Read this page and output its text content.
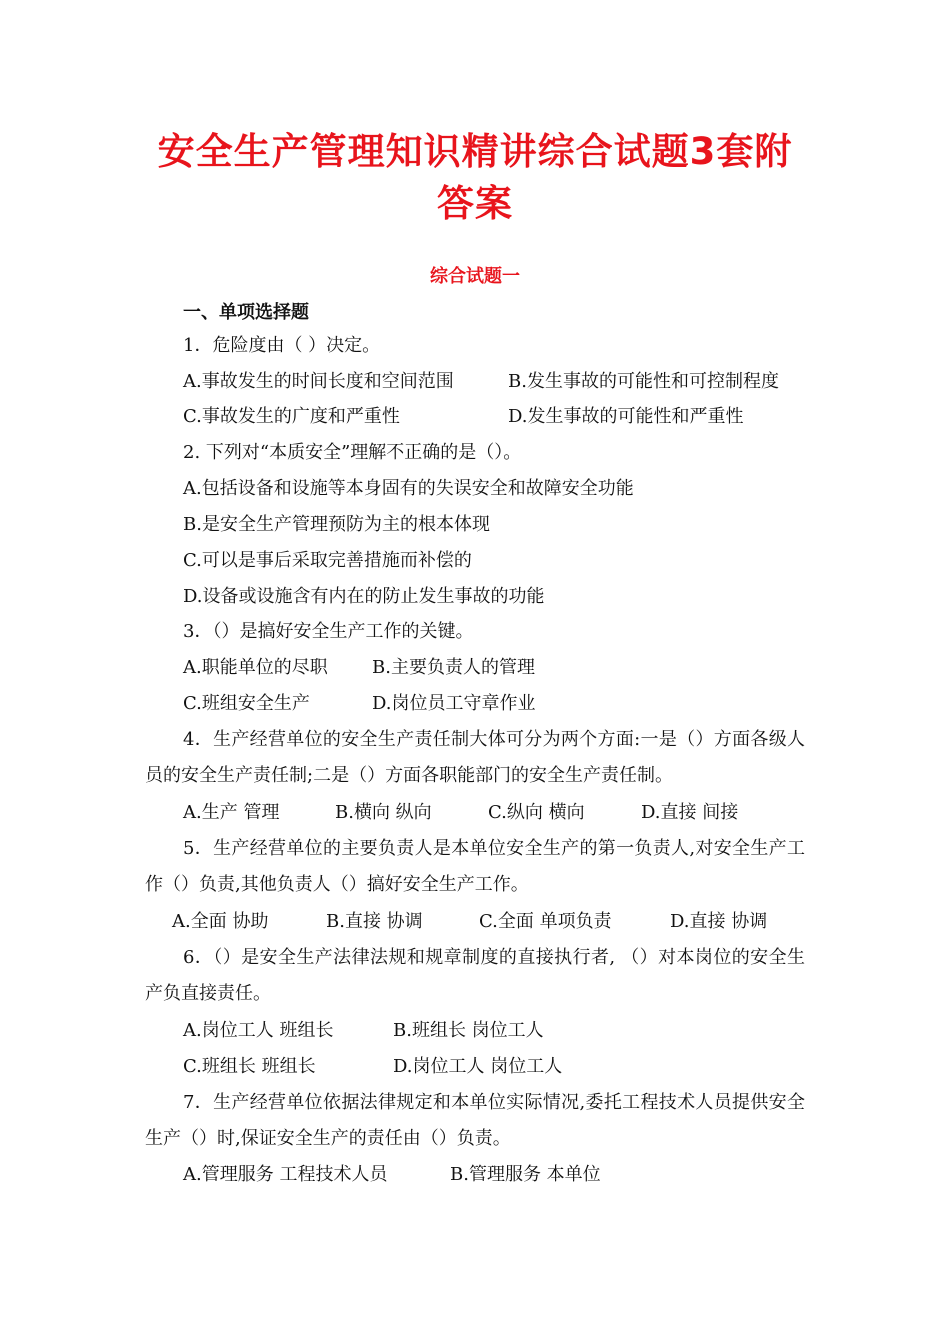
安全生产管理知识精讲综合试题3套附答案
综合试题一
一、单项选择题
1．危险度由（ ）决定。
A.事故发生的时间长度和空间范围	B.发生事故的可能性和可控制程度
C.事故发生的广度和严重性	D.发生事故的可能性和严重性
2. 下列对“本质安全”理解不正确的是（）。
A.包括设备和设施等本身固有的失误安全和故障安全功能
B.是安全生产管理预防为主的根本体现
C.可以是事后采取完善措施而补偿的
D.设备或设施含有内在的防止发生事故的功能
3．（）是搞好安全生产工作的关键。
A.职能单位的尽职 B.主要负责人的管理
C.班组安全生产	D.岗位员工守章作业
4．生产经营单位的安全生产责任制大体可分为两个方面:一是（）方面各级人员的安全生产责任制;二是（）方面各职能部门的安全生产责任制。
A.生产 管理	B.横向 纵向	C.纵向 横向	D.直接 间接
5．生产经营单位的主要负责人是本单位安全生产的第一负责人,对安全生产工作（）负责,其他负责人（）搞好安全生产工作。
A.全面 协助	B.直接 协调	C.全面 单项负责	D.直接 协调
6．（）是安全生产法律法规和规章制度的直接执行者, （）对本岗位的安全生产负直接责任。
A.岗位工人 班组长	B.班组长 岗位工人
C.班组长 班组长	D.岗位工人 岗位工人
7．生产经营单位依据法律规定和本单位实际情况,委托工程技术人员提供安全生产（）时,保证安全生产的责任由（）负责。
A.管理服务 工程技术人员	B.管理服务 本单位
